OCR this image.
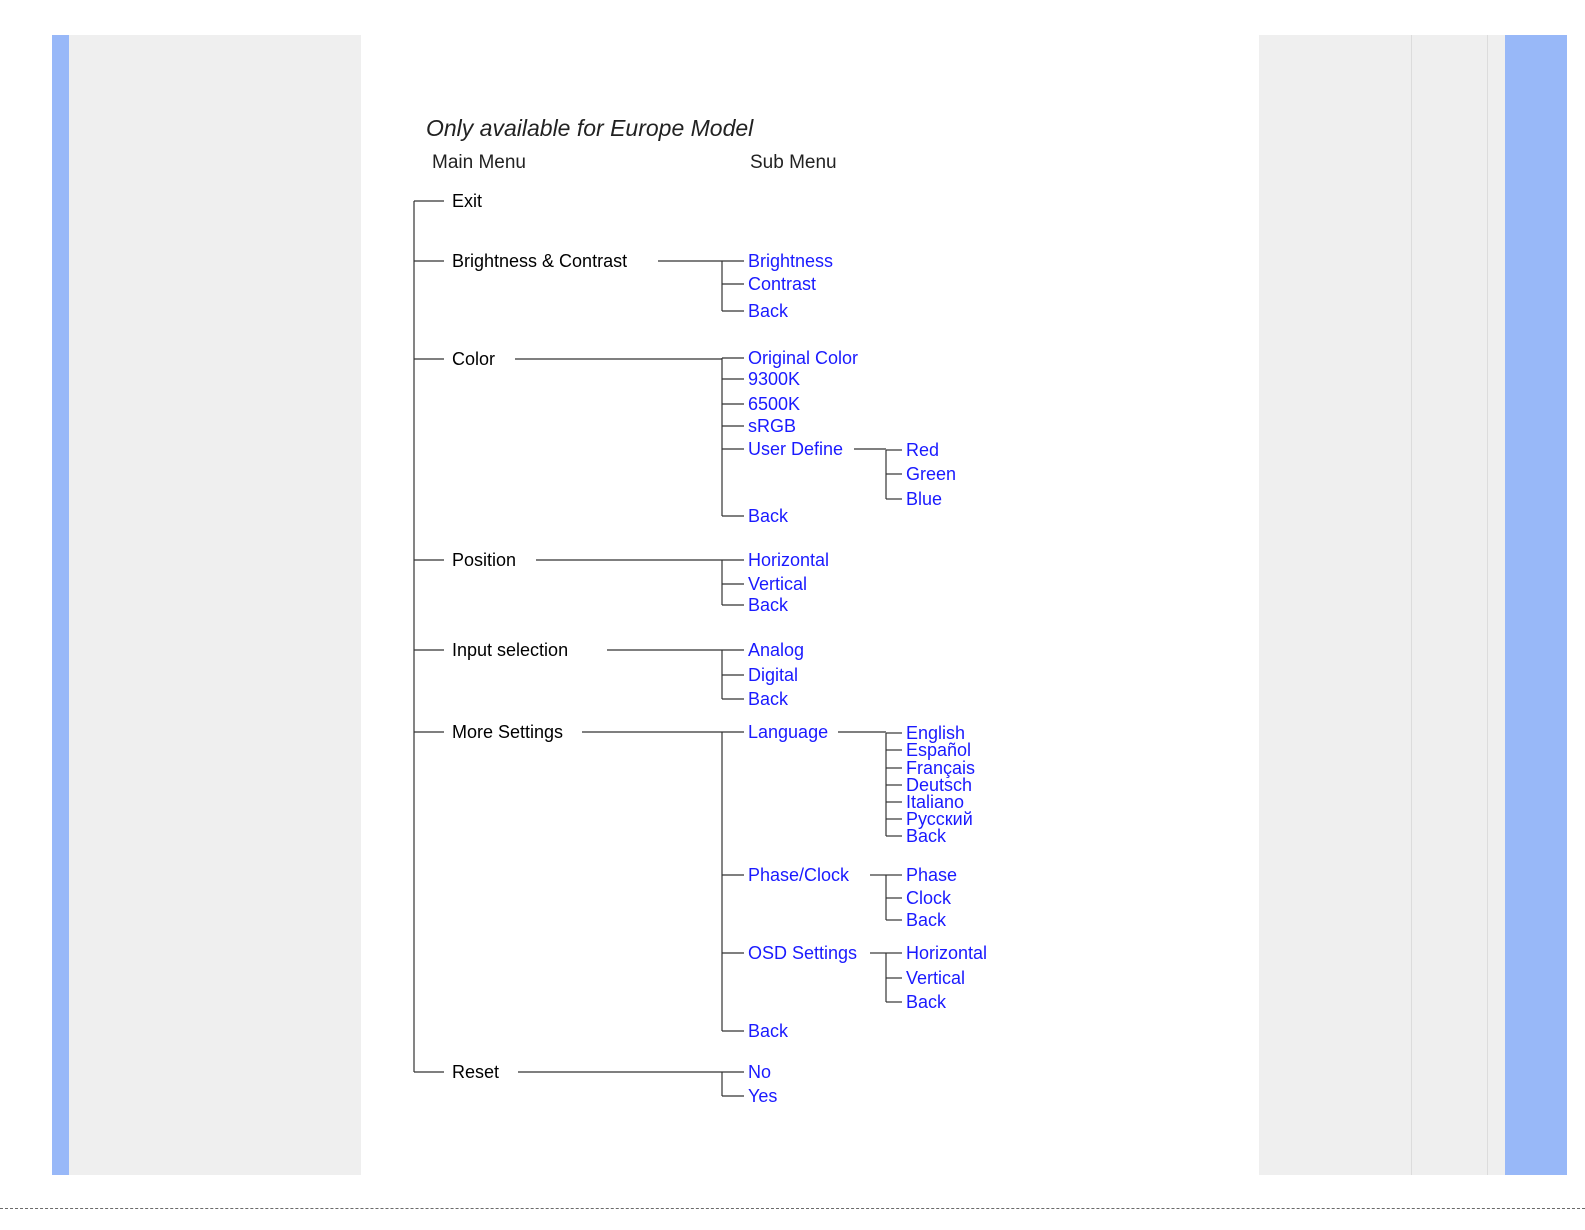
Only available for Europe Model
Main Menu	Sub Menu
Exit
Brightness & Contrast	Brightness
Contrast
Back
Color	Original Color
9300K
6500K
sRGB
User Define	Red
Green
Blue
Back
Position	Horizontal
Vertical
Back
Input selection	Analog
Digital
Back
More Settings	Language	English
Español
Français
Deutsch
Italiano
Русский
Back
Phase/Clock	Phase
Clock
Back
OSD Settings	Horizontal
Vertical
Back
Back
Reset	No
Yes
